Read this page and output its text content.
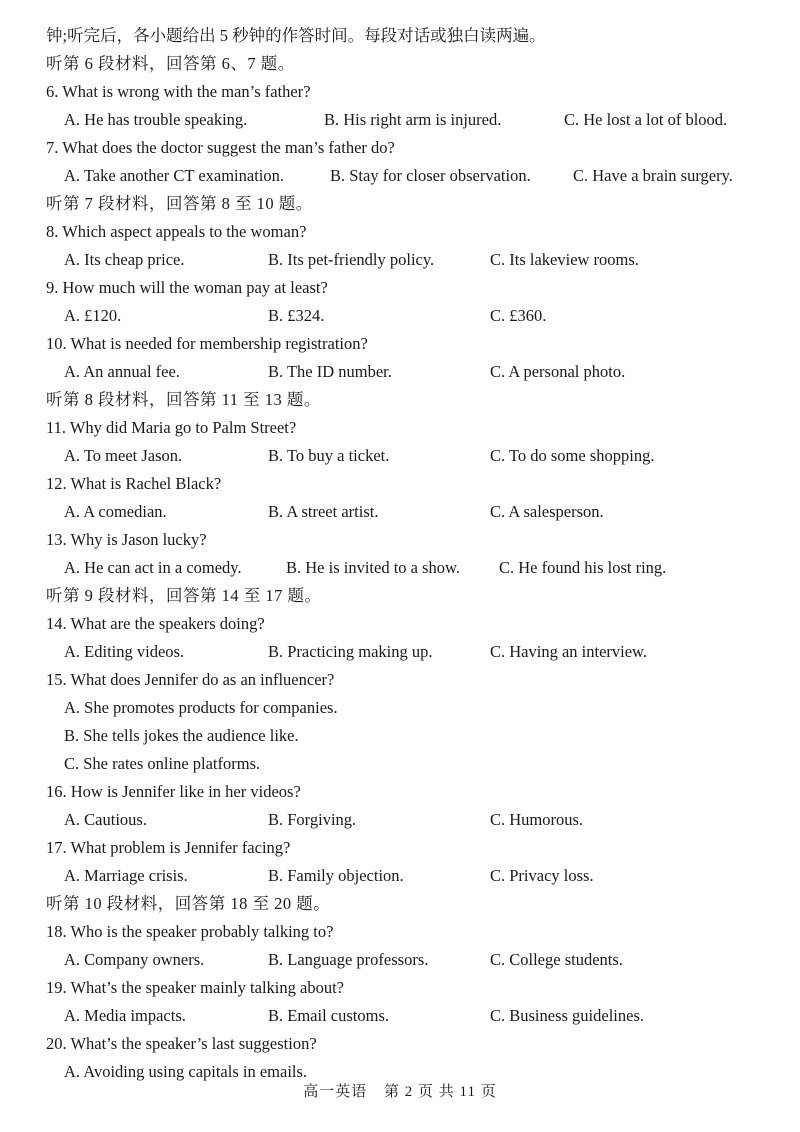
钟;听完后，各小题给出 5 秒钟的作答时间。每段对话或独白读两遍。
听第 6 段材料，回答第 6、7 题。
6. What is wrong with the man’s father?
A. He has trouble speaking.	B. His right arm is injured.	C. He lost a lot of blood.
7. What does the doctor suggest the man’s father do?
A. Take another CT examination.	B. Stay for closer observation.	C. Have a brain surgery.
听第 7 段材料，回答第 8 至 10 题。
8. Which aspect appeals to the woman?
A. Its cheap price.	B. Its pet-friendly policy.	C. Its lakeview rooms.
9. How much will the woman pay at least?
A. £120.	B. £324.	C. £360.
10. What is needed for membership registration?
A. An annual fee.	B. The ID number.	C. A personal photo.
听第 8 段材料，回答第 11 至 13 题。
11. Why did Maria go to Palm Street?
A. To meet Jason.	B. To buy a ticket.	C. To do some shopping.
12. What is Rachel Black?
A. A comedian.	B. A street artist.	C. A salesperson.
13. Why is Jason lucky?
A. He can act in a comedy.	B. He is invited to a show. C. He found his lost ring.
听第 9 段材料，回答第 14 至 17 题。
14. What are the speakers doing?
A. Editing videos.	B. Practicing making up.	C. Having an interview.
15. What does Jennifer do as an influencer?
A. She promotes products for companies.
B. She tells jokes the audience like.
C. She rates online platforms.
16. How is Jennifer like in her videos?
A. Cautious.	B. Forgiving.	C. Humorous.
17. What problem is Jennifer facing?
A. Marriage crisis.	B. Family objection.	C. Privacy loss.
听第 10 段材料，回答第 18 至 20 题。
18. Who is the speaker probably talking to?
A. Company owners.	B. Language professors.	C. College students.
19. What’s the speaker mainly talking about?
A. Media impacts.	B. Email customs.	C. Business guidelines.
20. What’s the speaker’s last suggestion?
A. Avoiding using capitals in emails.
高一英语 第 2 页 共 11 页
